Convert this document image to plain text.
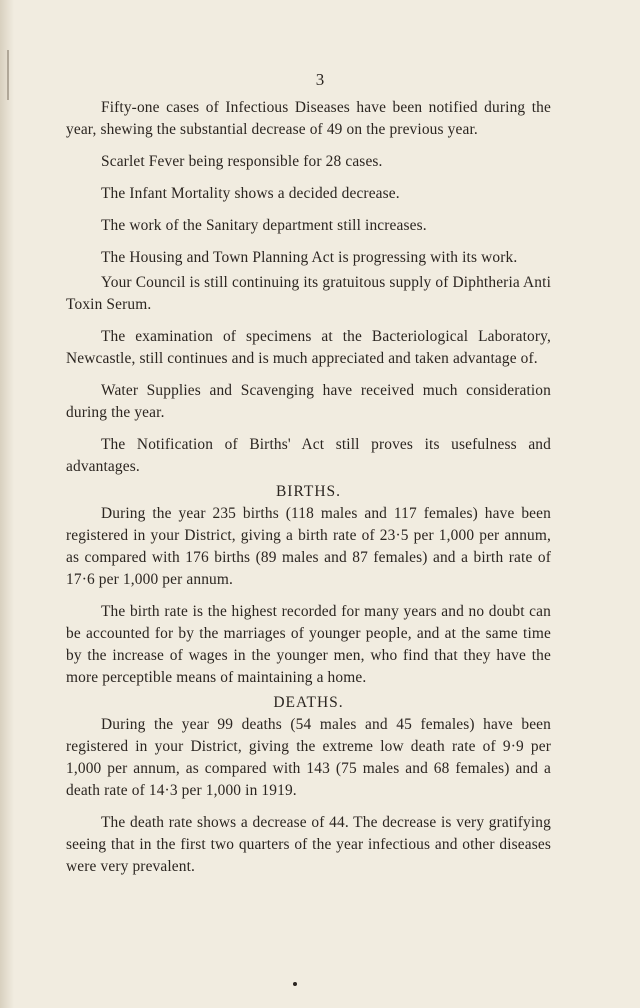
3

Fifty-one cases of Infectious Diseases have been notified during the year, shewing the substantial decrease of 49 on the previous year.

Scarlet Fever being responsible for 28 cases.

The Infant Mortality shows a decided decrease.

The work of the Sanitary department still increases.

The Housing and Town Planning Act is progressing with its work.

Your Council is still continuing its gratuitous supply of Diphtheria Anti Toxin Serum.

The examination of specimens at the Bacteriological Laboratory, Newcastle, still continues and is much appreciated and taken advantage of.

Water Supplies and Scavenging have received much consideration during the year.

The Notification of Births' Act still proves its usefulness and advantages.

BIRTHS.

During the year 235 births (118 males and 117 females) have been registered in your District, giving a birth rate of 23·5 per 1,000 per annum, as compared with 176 births (89 males and 87 females) and a birth rate of 17·6 per 1,000 per annum.

The birth rate is the highest recorded for many years and no doubt can be accounted for by the marriages of younger people, and at the same time by the increase of wages in the younger men, who find that they have the more perceptible means of maintaining a home.

DEATHS.

During the year 99 deaths (54 males and 45 females) have been registered in your District, giving the extreme low death rate of 9·9 per 1,000 per annum, as compared with 143 (75 males and 68 females) and a death rate of 14·3 per 1,000 in 1919.

The death rate shows a decrease of 44. The decrease is very gratifying seeing that in the first two quarters of the year infectious and other diseases were very prevalent.
